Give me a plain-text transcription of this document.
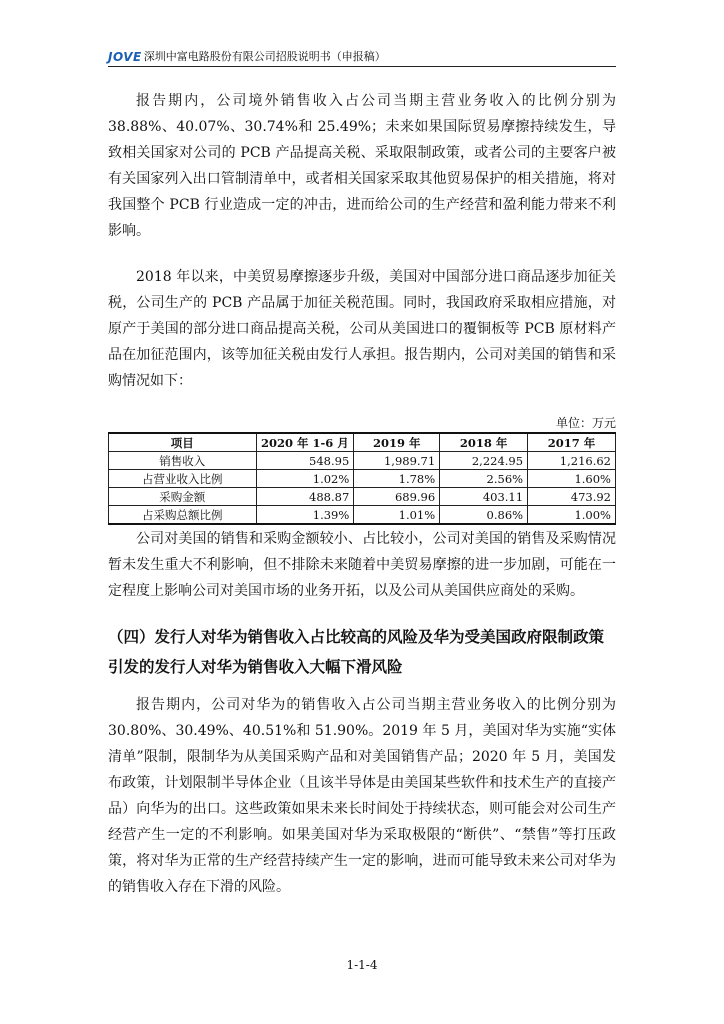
JOVE 深圳中富电路股份有限公司招股说明书（申报稿）

报告期内，公司境外销售收入占公司当期主营业务收入的比例分别为 38.88%、40.07%、30.74%和 25.49%；未来如果国际贸易摩擦持续发生，导致相关国家对公司的 PCB 产品提高关税、采取限制政策，或者公司的主要客户被有关国家列入出口管制清单中，或者相关国家采取其他贸易保护的相关措施，将对我国整个 PCB 行业造成一定的冲击，进而给公司的生产经营和盈利能力带来不利影响。

2018 年以来，中美贸易摩擦逐步升级，美国对中国部分进口商品逐步加征关税，公司生产的 PCB 产品属于加征关税范围。同时，我国政府采取相应措施，对原产于美国的部分进口商品提高关税，公司从美国进口的覆铜板等 PCB 原材料产品在加征范围内，该等加征关税由发行人承担。报告期内，公司对美国的销售和采购情况如下：

单位：万元
项目	2020 年 1-6 月	2019 年	2018 年	2017 年
销售收入	548.95	1,989.71	2,224.95	1,216.62
占营业收入比例	1.02%	1.78%	2.56%	1.60%
采购金额	488.87	689.96	403.11	473.92
占采购总额比例	1.39%	1.01%	0.86%	1.00%

公司对美国的销售和采购金额较小、占比较小，公司对美国的销售及采购情况暂未发生重大不利影响，但不排除未来随着中美贸易摩擦的进一步加剧，可能在一定程度上影响公司对美国市场的业务开拓，以及公司从美国供应商处的采购。

（四）发行人对华为销售收入占比较高的风险及华为受美国政府限制政策引发的发行人对华为销售收入大幅下滑风险

报告期内，公司对华为的销售收入占公司当期主营业务收入的比例分别为 30.80%、30.49%、40.51%和 51.90%。2019 年 5 月，美国对华为实施“实体清单”限制，限制华为从美国采购产品和对美国销售产品；2020 年 5 月，美国发布政策，计划限制半导体企业（且该半导体是由美国某些软件和技术生产的直接产品）向华为的出口。这些政策如果未来长时间处于持续状态，则可能会对公司生产经营产生一定的不利影响。如果美国对华为采取极限的“断供”、“禁售”等打压政策，将对华为正常的生产经营持续产生一定的影响，进而可能导致未来公司对华为的销售收入存在下滑的风险。

1-1-4
